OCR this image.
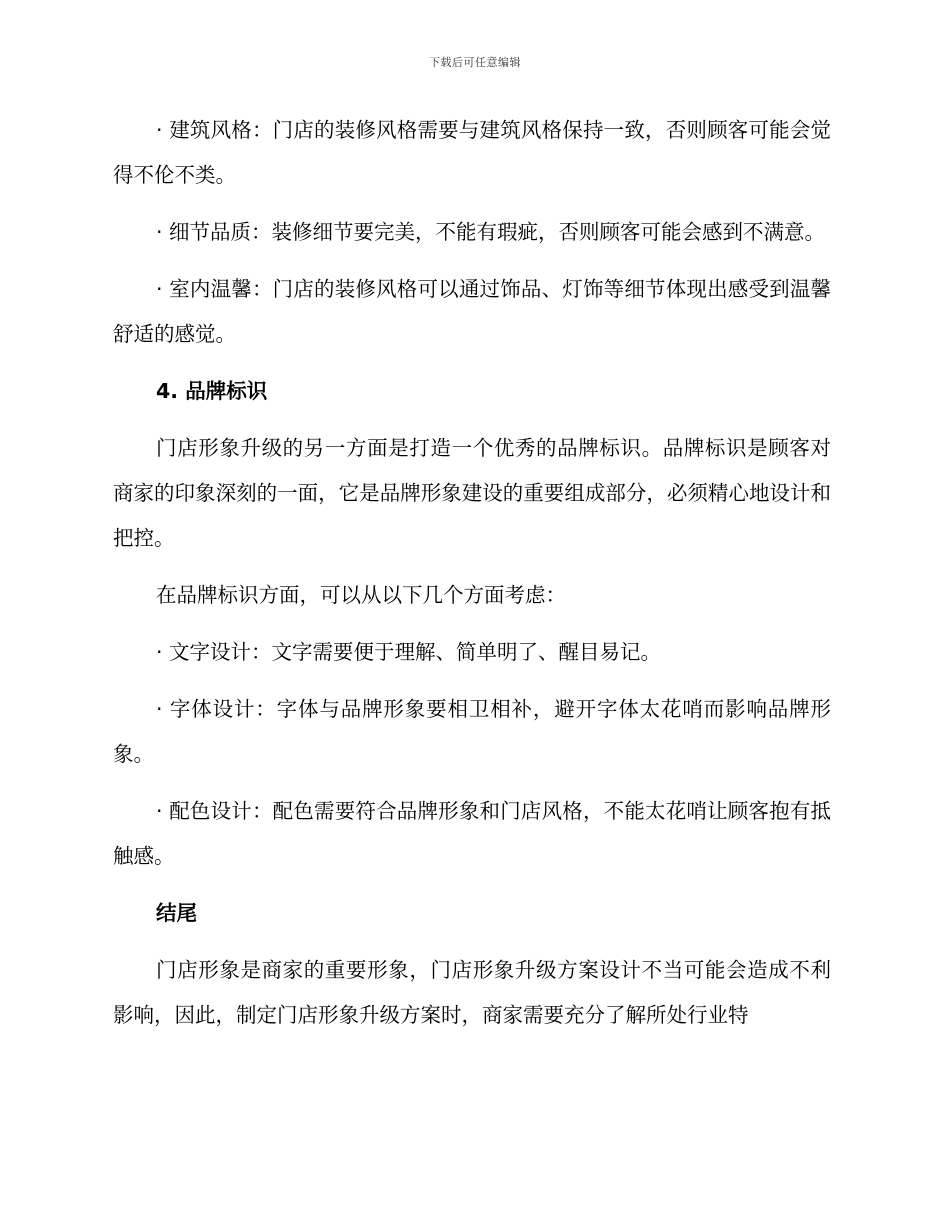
下载后可任意编辑

· 建筑风格：门店的装修风格需要与建筑风格保持一致，否则顾客可能会觉得不伦不类。

· 细节品质：装修细节要完美，不能有瑕疵，否则顾客可能会感到不满意。

· 室内温馨：门店的装修风格可以通过饰品、灯饰等细节体现出感受到温馨舒适的感觉。

4. 品牌标识

门店形象升级的另一方面是打造一个优秀的品牌标识。品牌标识是顾客对商家的印象深刻的一面，它是品牌形象建设的重要组成部分，必须精心地设计和把控。

在品牌标识方面，可以从以下几个方面考虑：

· 文字设计：文字需要便于理解、简单明了、醒目易记。

· 字体设计：字体与品牌形象要相卫相补，避开字体太花哨而影响品牌形象。

· 配色设计：配色需要符合品牌形象和门店风格，不能太花哨让顾客抱有抵触感。

结尾

门店形象是商家的重要形象，门店形象升级方案设计不当可能会造成不利影响，因此，制定门店形象升级方案时，商家需要充分了解所处行业特
